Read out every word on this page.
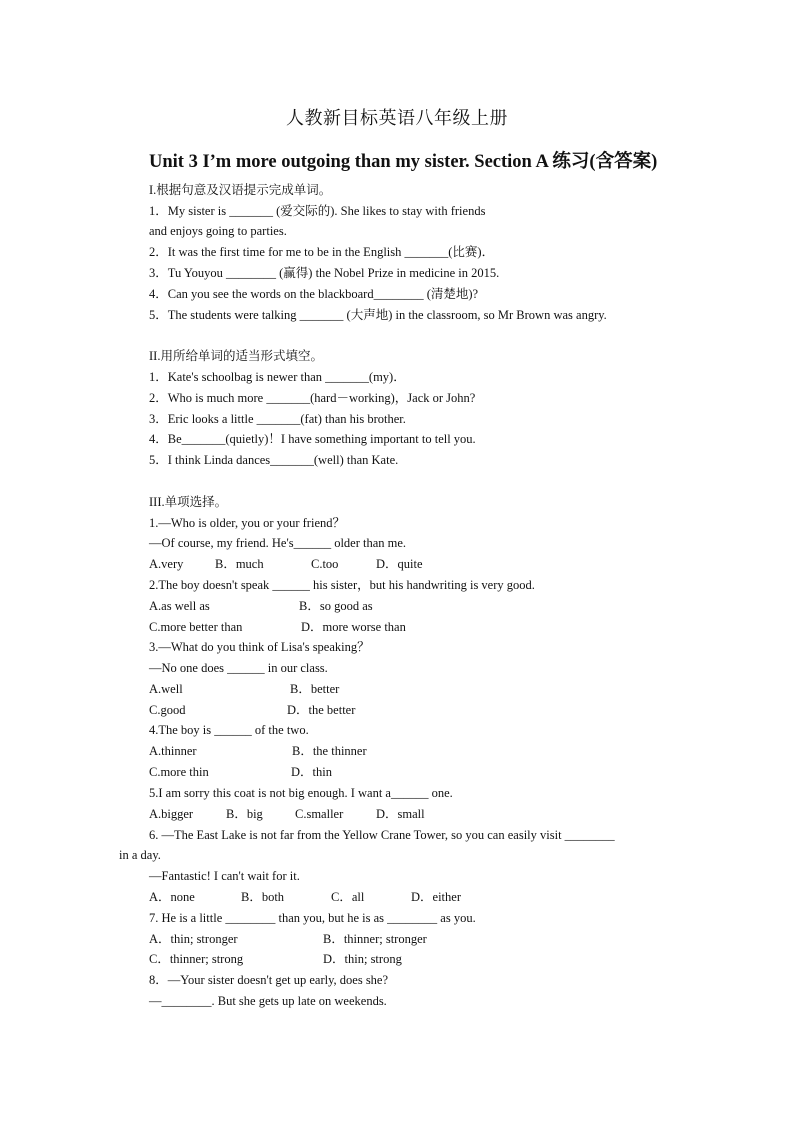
人教新目标英语八年级上册
Unit 3 I’m more outgoing than my sister. Section A 练习(含答案)
I.根据句意及汉语提示完成单词。
1．My sister is _______ (爱交际的). She likes to stay with friends
and enjoys going to parties.
2．It was the first time for me to be in the English _______(比赛)．
3．Tu Youyou ________ (赢得) the Nobel Prize in medicine in 2015.
4．Can you see the words on the blackboard________ (清楚地)?
5．The students were talking _______ (大声地) in the classroom, so Mr Brown was angry.
II.用所给单词的适当形式填空。
1．Kate's schoolbag is newer than _______(my)．
2．Who is much more _______(hard－working)，Jack or John?
3．Eric looks a little _______(fat) than his brother.
4．Be_______(quietly)！I have something important to tell you.
5．I think Linda dances_______(well) than Kate.
III.单项选择。
1.—Who is older, you or your friend？
—Of course, my friend. He's______ older than me.
A.very	B．much	C.too	D．quite
2.The boy doesn't speak ______ his sister，but his handwriting is very good.
A.as well as	B．so good as
C.more better than	D．more worse than
3.—What do you think of Lisa's speaking？
—No one does ______ in our class.
A.well	B．better
C.good	D．the better
4.The boy is ______ of the two.
A.thinner	B．the thinner
C.more thin	D．thin
5.I am sorry this coat is not big enough. I want a______ one.
A.bigger	B．big	C.smaller	D．small
6. —The East Lake is not far from the Yellow Crane Tower, so you can easily visit ________
in a day.
—Fantastic! I can't wait for it.
A．none	B．both	C．all	D．either
7. He is a little ________ than you, but he is as ________ as you.
A．thin; stronger	B．thinner; stronger
C．thinner; strong	D．thin; strong
8．—Your sister doesn't get up early, does she?
—________. But she gets up late on weekends.
